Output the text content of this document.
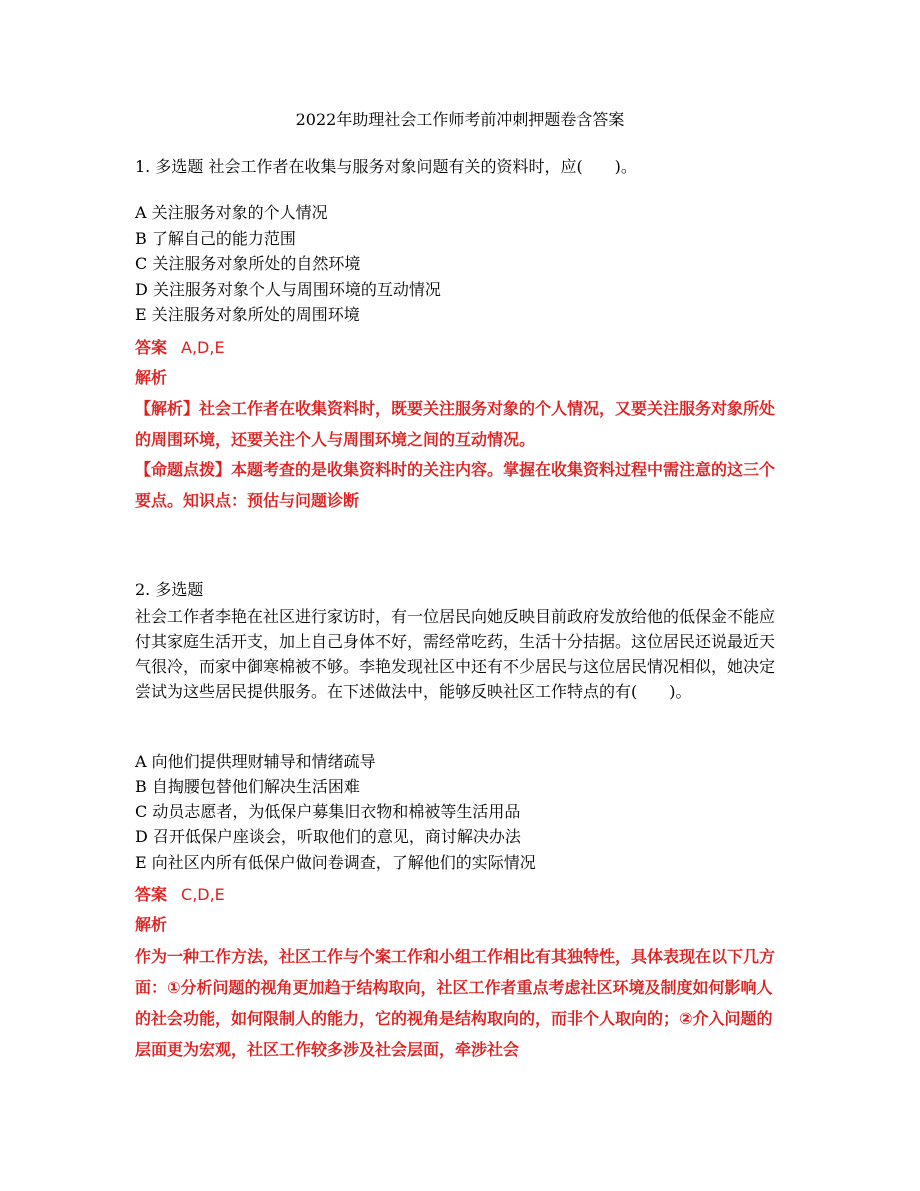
2022年助理社会工作师考前冲刺押题卷含答案
1. 多选题 社会工作者在收集与服务对象问题有关的资料时，应(　　)。
A 关注服务对象的个人情况
B 了解自己的能力范围
C 关注服务对象所处的自然环境
D 关注服务对象个人与周围环境的互动情况
E 关注服务对象所处的周围环境
答案 A,D,E
解析
【解析】社会工作者在收集资料时，既要关注服务对象的个人情况，又要关注服务对象所处的周围环境，还要关注个人与周围环境之间的互动情况。
【命题点拨】本题考查的是收集资料时的关注内容。掌握在收集资料过程中需注意的这三个要点。知识点：预估与问题诊断
2. 多选题
社会工作者李艳在社区进行家访时，有一位居民向她反映目前政府发放给他的低保金不能应付其家庭生活开支，加上自己身体不好，需经常吃药，生活十分拮据。这位居民还说最近天气很冷，而家中御寒棉被不够。李艳发现社区中还有不少居民与这位居民情况相似，她决定尝试为这些居民提供服务。在下述做法中，能够反映社区工作特点的有(　　)。
A 向他们提供理财辅导和情绪疏导
B 自掏腰包替他们解决生活困难
C 动员志愿者，为低保户募集旧衣物和棉被等生活用品
D 召开低保户座谈会，听取他们的意见，商讨解决办法
E 向社区内所有低保户做问卷调查，了解他们的实际情况
答案 C,D,E
解析
作为一种工作方法，社区工作与个案工作和小组工作相比有其独特性，具体表现在以下几方面：①分析问题的视角更加趋于结构取向，社区工作者重点考虑社区环境及制度如何影响人的社会功能，如何限制人的能力，它的视角是结构取向的，而非个人取向的；②介入问题的层面更为宏观，社区工作较多涉及社会层面，牵涉社会
